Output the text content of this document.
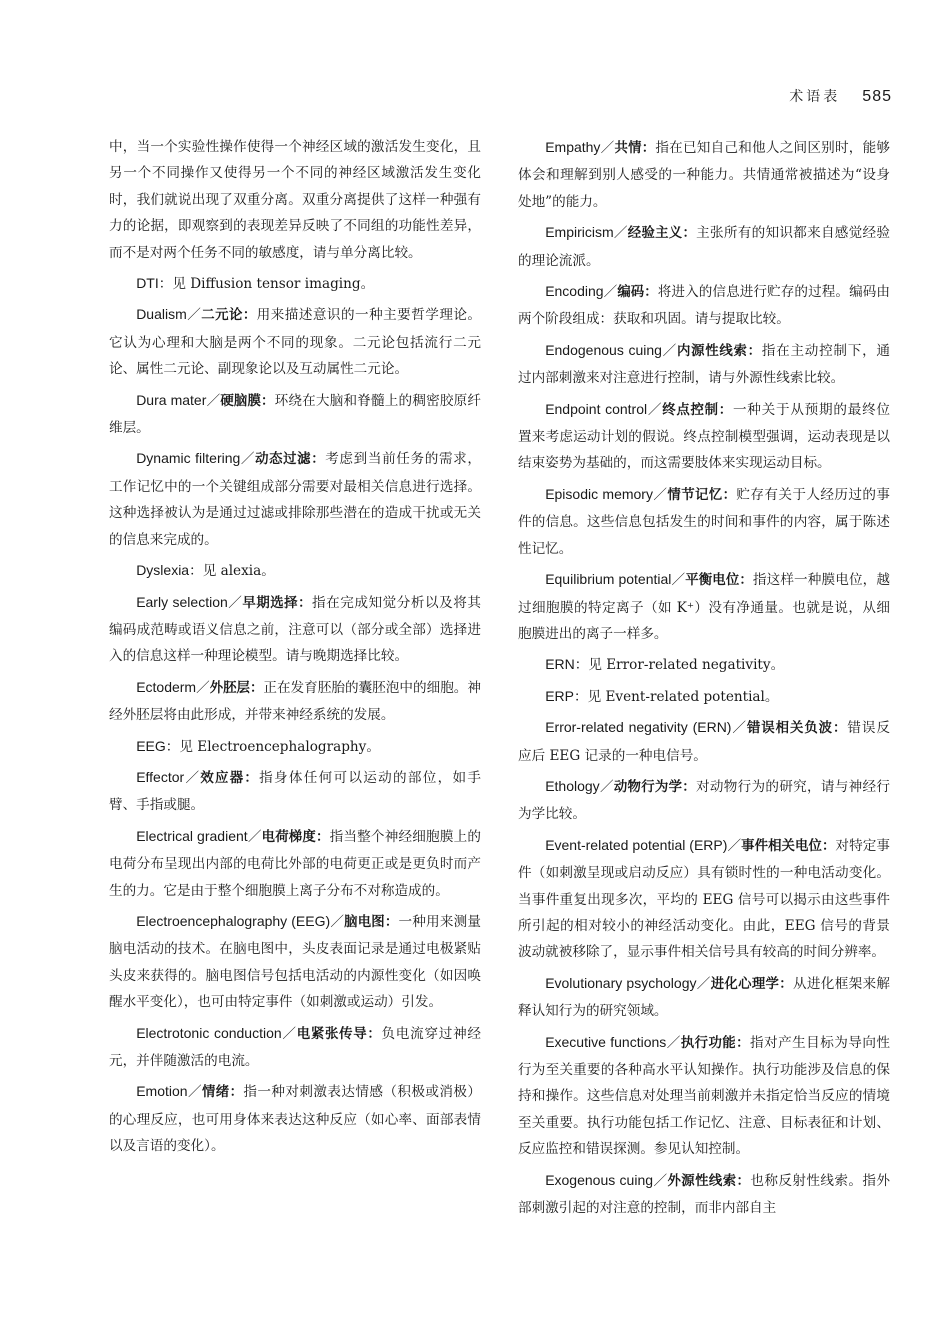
术语表 585

中，当一个实验性操作使得一个神经区域的激活发生变化，且另一个不同操作又使得另一个不同的神经区域激活发生变化时，我们就说出现了双重分离。双重分离提供了这样一种强有力的论据，即观察到的表现差异反映了不同组的功能性差异，而不是对两个任务不同的敏感度，请与单分离比较。

DTI：见 Diffusion tensor imaging。

Dualism／二元论：用来描述意识的一种主要哲学理论。它认为心理和大脑是两个不同的现象。二元论包括流行二元论、属性二元论、副现象论以及互动属性二元论。

Dura mater／硬脑膜：环绕在大脑和脊髓上的稠密胶原纤维层。

Dynamic filtering／动态过滤：考虑到当前任务的需求，工作记忆中的一个关键组成部分需要对最相关信息进行选择。这种选择被认为是通过过滤或排除那些潜在的造成干扰或无关的信息来完成的。

Dyslexia：见 alexia。

Early selection／早期选择：指在完成知觉分析以及将其编码成范畴或语义信息之前，注意可以（部分或全部）选择进入的信息这样一种理论模型。请与晚期选择比较。

Ectoderm／外胚层：正在发育胚胎的囊胚泡中的细胞。神经外胚层将由此形成，并带来神经系统的发展。

EEG：见 Electroencephalography。

Effector／效应器：指身体任何可以运动的部位，如手臂、手指或腿。

Electrical gradient／电荷梯度：指当整个神经细胞膜上的电荷分布呈现出内部的电荷比外部的电荷更正或是更负时而产生的力。它是由于整个细胞膜上离子分布不对称造成的。

Electroencephalography (EEG)／脑电图：一种用来测量脑电活动的技术。在脑电图中，头皮表面记录是通过电极紧贴头皮来获得的。脑电图信号包括电活动的内源性变化（如因唤醒水平变化），也可由特定事件（如刺激或运动）引发。

Electrotonic conduction／电紧张传导：负电流穿过神经元，并伴随激活的电流。

Emotion／情绪：指一种对刺激表达情感（积极或消极）的心理反应，也可用身体来表达这种反应（如心率、面部表情以及言语的变化）。

Empathy／共情：指在已知自己和他人之间区别时，能够体会和理解到别人感受的一种能力。共情通常被描述为“设身处地”的能力。

Empiricism／经验主义：主张所有的知识都来自感觉经验的理论流派。

Encoding／编码：将进入的信息进行贮存的过程。编码由两个阶段组成：获取和巩固。请与提取比较。

Endogenous cuing／内源性线索：指在主动控制下，通过内部刺激来对注意进行控制，请与外源性线索比较。

Endpoint control／终点控制：一种关于从预期的最终位置来考虑运动计划的假说。终点控制模型强调，运动表现是以结束姿势为基础的，而这需要肢体来实现运动目标。

Episodic memory／情节记忆：贮存有关于人经历过的事件的信息。这些信息包括发生的时间和事件的内容，属于陈述性记忆。

Equilibrium potential／平衡电位：指这样一种膜电位，越过细胞膜的特定离子（如 K⁺）没有净通量。也就是说，从细胞膜进出的离子一样多。

ERN：见 Error-related negativity。

ERP：见 Event-related potential。

Error-related negativity (ERN)／错误相关负波：错误反应后 EEG 记录的一种电信号。

Ethology／动物行为学：对动物行为的研究，请与神经行为学比较。

Event-related potential (ERP)／事件相关电位：对特定事件（如刺激呈现或启动反应）具有锁时性的一种电活动变化。当事件重复出现多次，平均的 EEG 信号可以揭示由这些事件所引起的相对较小的神经活动变化。由此，EEG 信号的背景波动就被移除了，显示事件相关信号具有较高的时间分辨率。

Evolutionary psychology／进化心理学：从进化框架来解释认知行为的研究领域。

Executive functions／执行功能：指对产生目标为导向性行为至关重要的各种高水平认知操作。执行功能涉及信息的保持和操作。这些信息对处理当前刺激并未指定恰当反应的情境至关重要。执行功能包括工作记忆、注意、目标表征和计划、反应监控和错误探测。参见认知控制。

Exogenous cuing／外源性线索：也称反射性线索。指外部刺激引起的对注意的控制，而非内部自主
